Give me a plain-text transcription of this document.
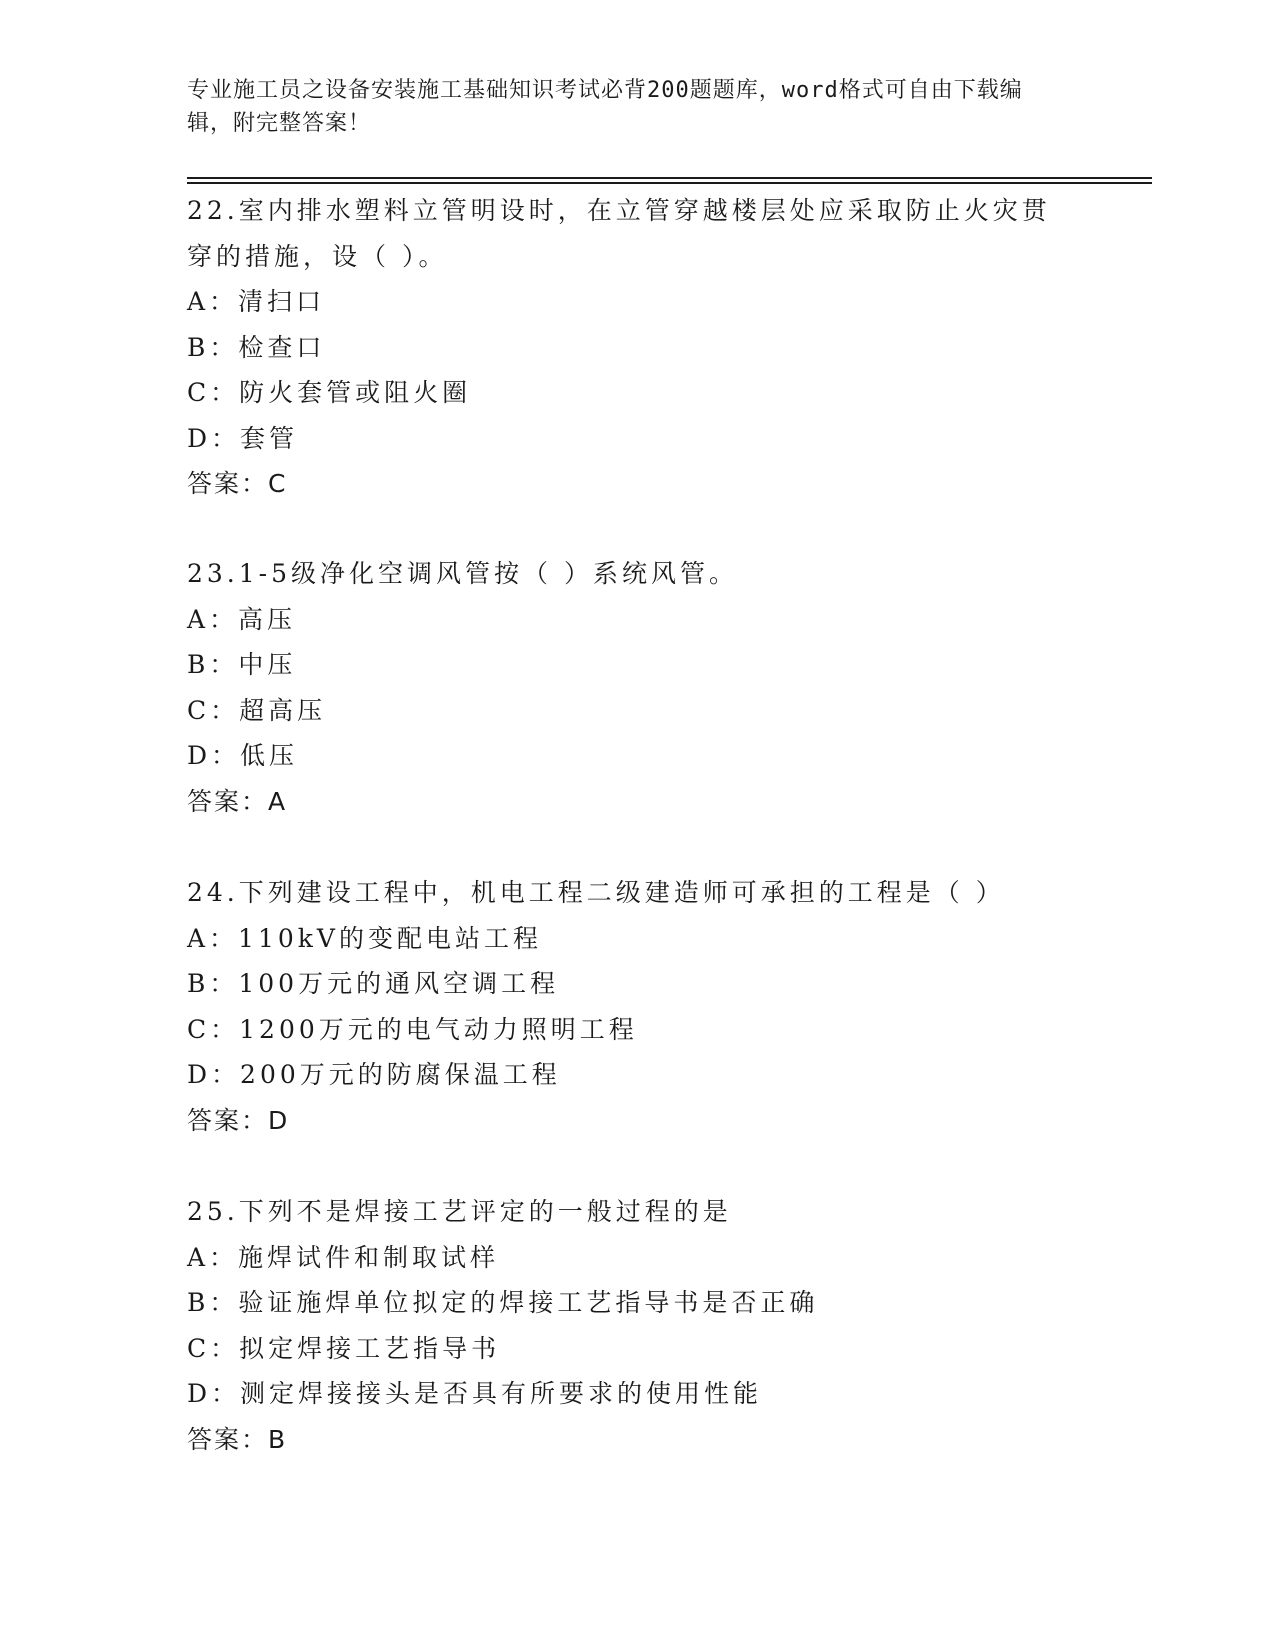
专业施工员之设备安装施工基础知识考试必背200题题库，word格式可自由下载编辑，附完整答案！
22.室内排水塑料立管明设时，在立管穿越楼层处应采取防止火灾贯穿的措施，设（ ）。
A：清扫口
B：检查口
C：防火套管或阻火圈
D：套管
答案：C
23.1-5级净化空调风管按（ ）系统风管。
A：高压
B：中压
C：超高压
D：低压
答案：A
24.下列建设工程中，机电工程二级建造师可承担的工程是（ ）
A：110kV的变配电站工程
B：100万元的通风空调工程
C：1200万元的电气动力照明工程
D：200万元的防腐保温工程
答案：D
25.下列不是焊接工艺评定的一般过程的是
A：施焊试件和制取试样
B：验证施焊单位拟定的焊接工艺指导书是否正确
C：拟定焊接工艺指导书
D：测定焊接接头是否具有所要求的使用性能
答案：B
